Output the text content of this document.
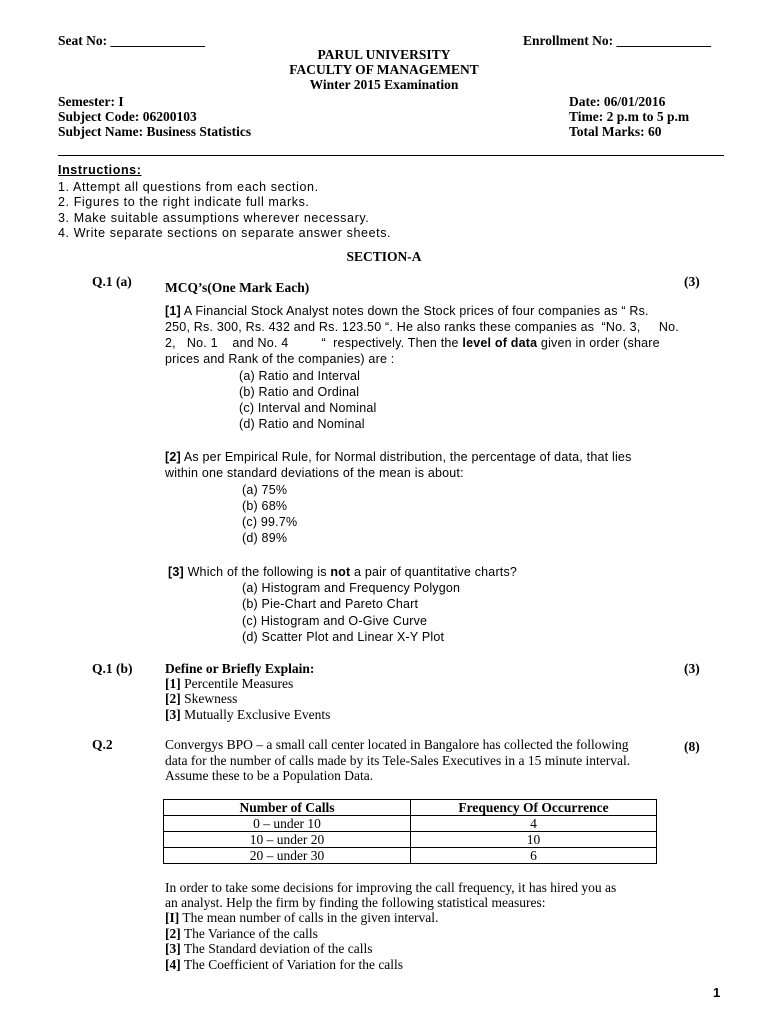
Seat No: ______________	Enrollment No: ______________
PARUL UNIVERSITY
FACULTY OF MANAGEMENT
Winter 2015 Examination
Semester: I
Subject Code: 06200103
Subject Name: Business Statistics
Date: 06/01/2016
Time: 2 p.m to 5 p.m
Total Marks: 60
Instructions:
1. Attempt all questions from each section.
2. Figures to the right indicate full marks.
3. Make suitable assumptions wherever necessary.
4. Write separate sections on separate answer sheets.
SECTION-A
Q.1 (a)	(3)
MCQ’s(One Mark Each)
[1] A Financial Stock Analyst notes down the Stock prices of four companies as “ Rs.
250, Rs. 300, Rs. 432 and Rs. 123.50 “. He also ranks these companies as  “No. 3,     No.
2,   No. 1    and No. 4         “  respectively. Then the level of data given in order (share
prices and Rank of the companies) are :
(a) Ratio and Interval
(b) Ratio and Ordinal
(c) Interval and Nominal
(d) Ratio and Nominal
[2] As per Empirical Rule, for Normal distribution, the percentage of data, that lies
within one standard deviations of the mean is about:
(a) 75%
(b) 68%
(c) 99.7%
(d) 89%
[3] Which of the following is not a pair of quantitative charts?
(a) Histogram and Frequency Polygon
(b) Pie-Chart and Pareto Chart
(c) Histogram and O-Give Curve
(d) Scatter Plot and Linear X-Y Plot
Q.1 (b)	(3)
Define or Briefly Explain:
[1] Percentile Measures
[2] Skewness
[3] Mutually Exclusive Events
Q.2	(8)
Convergys BPO – a small call center located in Bangalore has collected the following
data for the number of calls made by its Tele-Sales Executives in a 15 minute interval.
Assume these to be a Population Data.
Number of Calls	Frequency Of Occurrence
0 – under 10	4
10 – under 20	10
20 – under 30	6
In order to take some decisions for improving the call frequency, it has hired you as
an analyst. Help the firm by finding the following statistical measures:
[I] The mean number of calls in the given interval.
[2] The Variance of the calls
[3] The Standard deviation of the calls
[4] The Coefficient of Variation for the calls
1
